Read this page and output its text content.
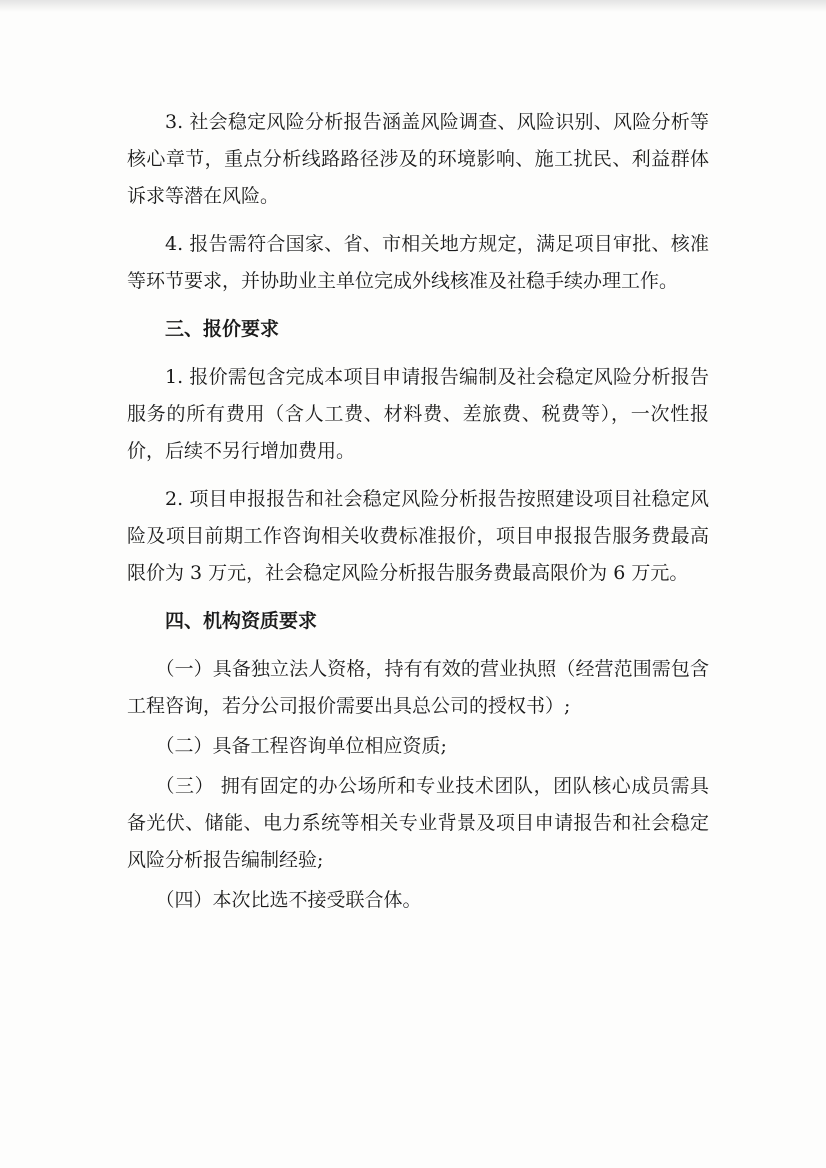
3. 社会稳定风险分析报告涵盖风险调查、风险识别、风险分析等核心章节，重点分析线路路径涉及的环境影响、施工扰民、利益群体诉求等潜在风险。

4. 报告需符合国家、省、市相关地方规定，满足项目审批、核准等环节要求，并协助业主单位完成外线核准及社稳手续办理工作。

三、报价要求

1. 报价需包含完成本项目申请报告编制及社会稳定风险分析报告服务的所有费用（含人工费、材料费、差旅费、税费等），一次性报价，后续不另行增加费用。

2. 项目申报报告和社会稳定风险分析报告按照建设项目社稳定风险及项目前期工作咨询相关收费标准报价，项目申报报告服务费最高限价为 3 万元，社会稳定风险分析报告服务费最高限价为 6 万元。

四、机构资质要求

（一）具备独立法人资格，持有有效的营业执照（经营范围需包含工程咨询，若分公司报价需要出具总公司的授权书）;

（二）具备工程咨询单位相应资质;

（三） 拥有固定的办公场所和专业技术团队，团队核心成员需具备光伏、储能、电力系统等相关专业背景及项目申请报告和社会稳定风险分析报告编制经验;

（四）本次比选不接受联合体。
